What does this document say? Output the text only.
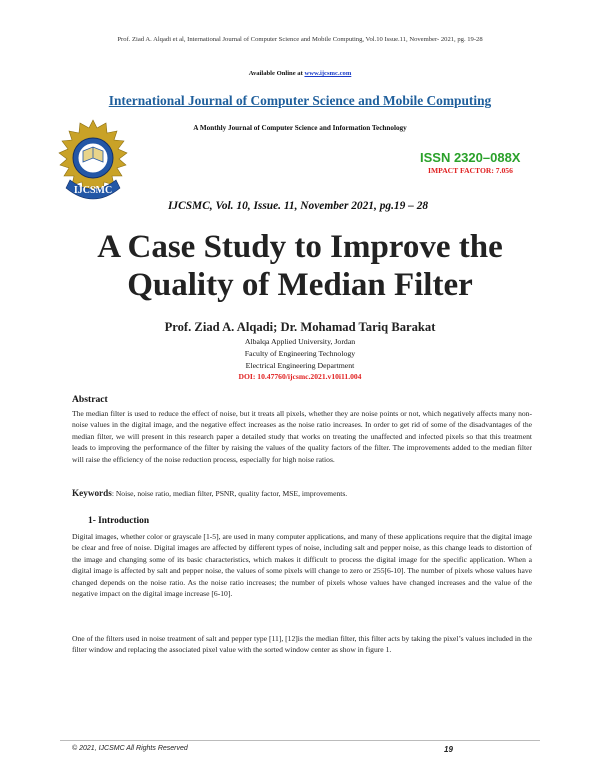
Prof. Ziad A. Alqadi et al, International Journal of Computer Science and Mobile Computing, Vol.10 Issue.11, November- 2021, pg. 19-28
Available Online at www.ijcsmc.com
International Journal of Computer Science and Mobile Computing
A Monthly Journal of Computer Science and Information Technology
IJCSMC
ISSN 2320–088X
IMPACT FACTOR: 7.056
IJCSMC, Vol. 10, Issue. 11, November 2021, pg.19 – 28
A Case Study to Improve the
Quality of Median Filter
Prof. Ziad A. Alqadi; Dr. Mohamad Tariq Barakat
Albalqa Applied University, Jordan
Faculty of Engineering Technology
Electrical Engineering Department
DOI: 10.47760/ijcsmc.2021.v10i11.004
Abstract
The median filter is used to reduce the effect of noise, but it treats all pixels, whether they are noise points or not, which negatively affects many non-noise values in the digital image, and the negative effect increases as the noise ratio increases. In order to get rid of some of the disadvantages of the median filter, we will present in this research paper a detailed study that works on treating the unaffected and infected pixels so that this treatment leads to improving the performance of the filter by raising the values of the quality factors of the filter. The improvements added to the median filter will raise the efficiency of the noise reduction process, especially for high noise ratios.
Keywords: Noise, noise ratio, median filter, PSNR, quality factor, MSE, improvements.
1- Introduction
Digital images, whether color or grayscale [1-5], are used in many computer applications, and many of these applications require that the digital image be clear and free of noise. Digital images are affected by different types of noise, including salt and pepper noise, as this change leads to distortion of the image and changing some of its basic characteristics, which makes it difficult to process the digital image for the specific application. When a digital image is affected by salt and pepper noise, the values of some pixels will change to zero or 255[6-10]. The number of pixels whose values have changed depends on the noise ratio. As the noise ratio increases; the number of pixels whose values have changed increases and the value of the negative impact on the digital image increase [6-10].
One of the filters used in noise treatment of salt and pepper type [11], [12]is the median filter, this filter acts by taking the pixel’s values included in the filter window and replacing the associated pixel value with the sorted window center as show in figure 1.
© 2021, IJCSMC All Rights Reserved	19
